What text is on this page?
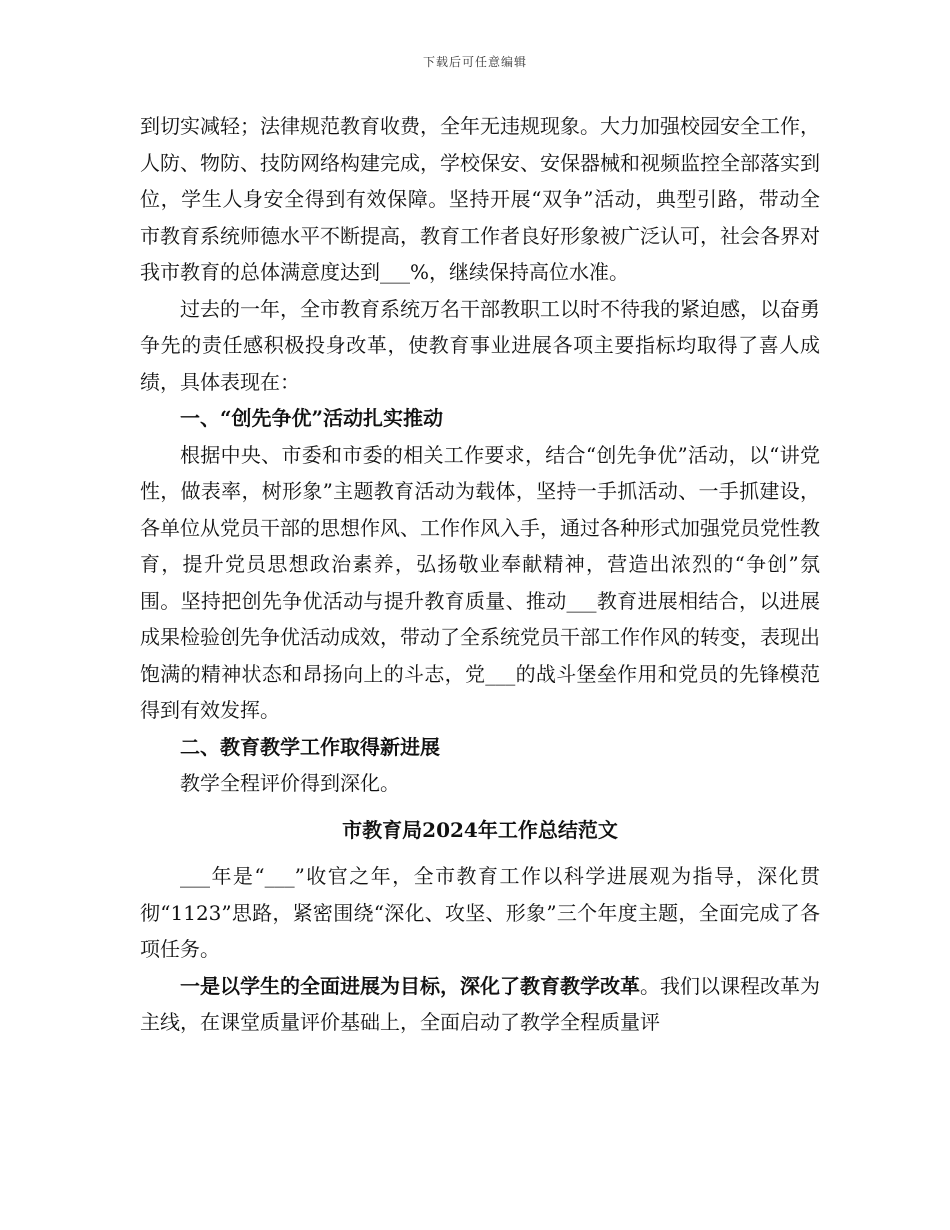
下载后可任意编辑

到切实减轻；法律规范教育收费，全年无违规现象。大力加强校园安全工作，人防、物防、技防网络构建完成，学校保安、安保器械和视频监控全部落实到位，学生人身安全得到有效保障。坚持开展“双争”活动，典型引路，带动全市教育系统师德水平不断提高，教育工作者良好形象被广泛认可，社会各界对我市教育的总体满意度达到___%，继续保持高位水准。

过去的一年，全市教育系统万名干部教职工以时不待我的紧迫感，以奋勇争先的责任感积极投身改革，使教育事业进展各项主要指标均取得了喜人成绩，具体表现在：

一、“创先争优”活动扎实推动

根据中央、市委和市委的相关工作要求，结合“创先争优”活动，以“讲党性，做表率，树形象”主题教育活动为载体，坚持一手抓活动、一手抓建设，各单位从党员干部的思想作风、工作作风入手，通过各种形式加强党员党性教育，提升党员思想政治素养，弘扬敬业奉献精神，营造出浓烈的“争创”氛围。坚持把创先争优活动与提升教育质量、推动___教育进展相结合，以进展成果检验创先争优活动成效，带动了全系统党员干部工作作风的转变，表现出饱满的精神状态和昂扬向上的斗志，党___的战斗堡垒作用和党员的先锋模范得到有效发挥。

二、教育教学工作取得新进展

教学全程评价得到深化。

市教育局2024年工作总结范文

___年是“___”收官之年，全市教育工作以科学进展观为指导，深化贯彻“1123”思路，紧密围绕“深化、攻坚、形象”三个年度主题，全面完成了各项任务。

一是以学生的全面进展为目标，深化了教育教学改革。我们以课程改革为主线，在课堂质量评价基础上，全面启动了教学全程质量评
